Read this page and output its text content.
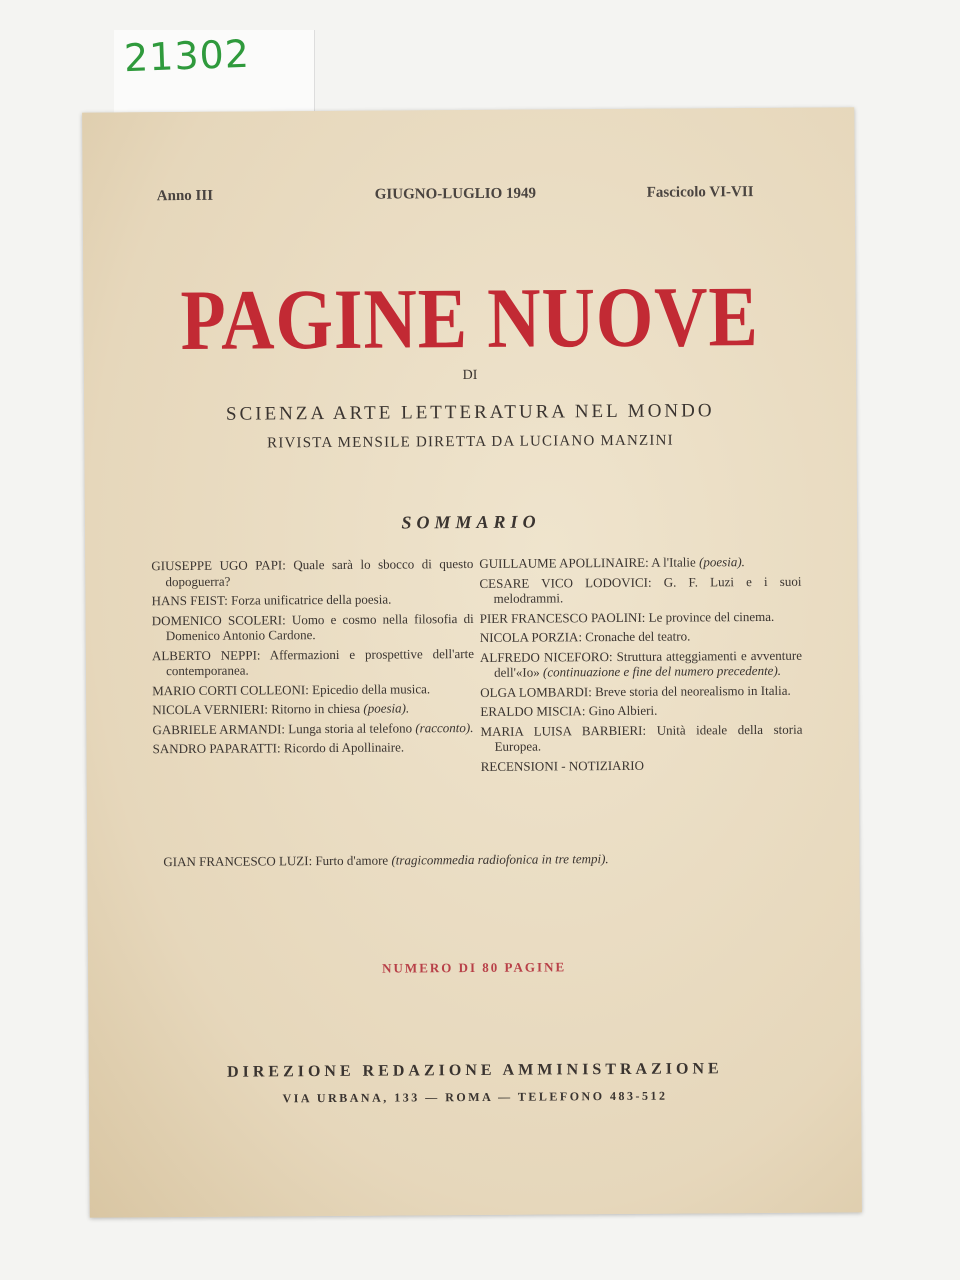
21302
Anno III	GIUGNO-LUGLIO 1949	Fascicolo VI-VII
PAGINE NUOVE
DI
SCIENZA ARTE LETTERATURA NEL MONDO
RIVISTA MENSILE DIRETTA DA LUCIANO MANZINI
SOMMARIO
GIUSEPPE UGO PAPI: Quale sarà lo sbocco di questo dopoguerra?
HANS FEIST: Forza unificatrice della poesia.
DOMENICO SCOLERI: Uomo e cosmo nella filosofia di Domenico Antonio Cardone.
ALBERTO NEPPI: Affermazioni e prospettive dell'arte contemporanea.
MARIO CORTI COLLEONI: Epicedio della musica.
NICOLA VERNIERI: Ritorno in chiesa (poesia).
GABRIELE ARMANDI: Lunga storia al telefono (racconto).
SANDRO PAPARATTI: Ricordo di Apollinaire.
GUILLAUME APOLLINAIRE: A l'Italie (poesia).
CESARE VICO LODOVICI: G. F. Luzi e i suoi melodrammi.
PIER FRANCESCO PAOLINI: Le province del cinema.
NICOLA PORZIA: Cronache del teatro.
ALFREDO NICEFORO: Struttura atteggiamenti e avventure dell'«Io» (continuazione e fine del numero precedente).
OLGA LOMBARDI: Breve storia del neorealismo in Italia.
ERALDO MISCIA: Gino Albieri.
MARIA LUISA BARBIERI: Unità ideale della storia Europea.
RECENSIONI - NOTIZIARIO
GIAN FRANCESCO LUZI: Furto d'amore (tragicommedia radiofonica in tre tempi).
NUMERO DI 80 PAGINE
DIREZIONE REDAZIONE AMMINISTRAZIONE
VIA URBANA, 133 — ROMA — TELEFONO 483-512
